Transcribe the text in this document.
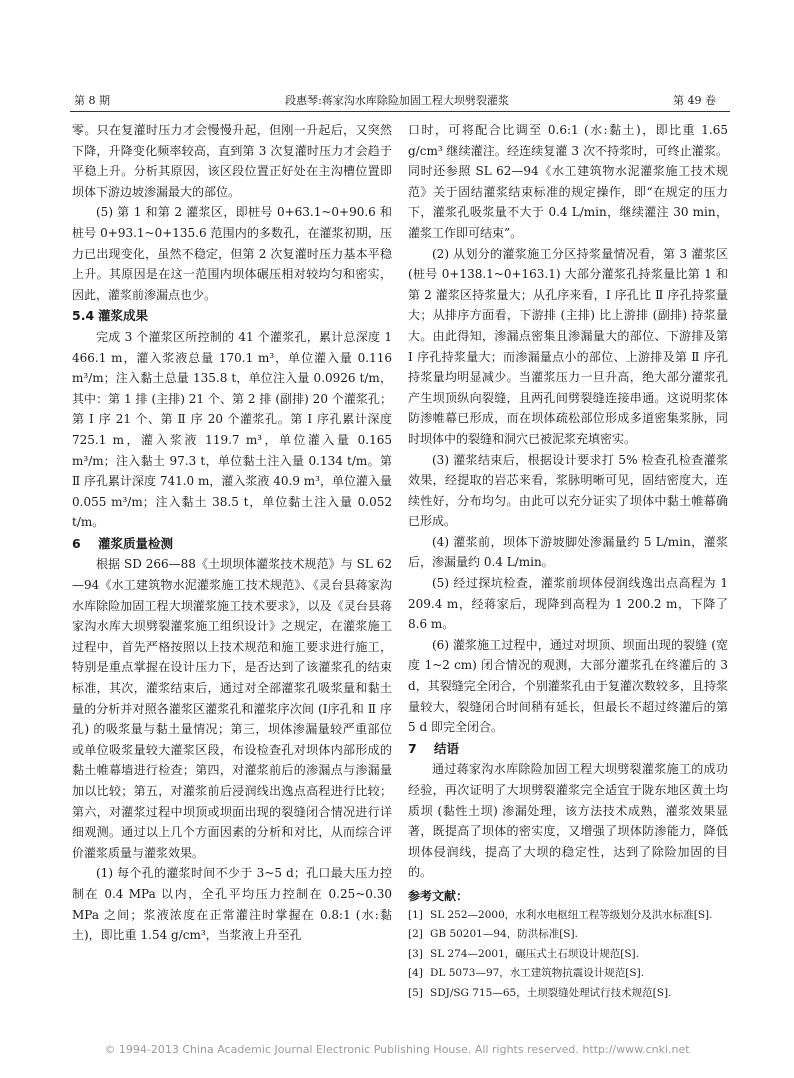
第 8 期	段惠琴:蒋家沟水库除险加固工程大坝劈裂灌浆	第 49 卷

零。只在复灌时压力才会慢慢升起，但刚一升起后，又突然下降，升降变化频率较高，直到第 3 次复灌时压力才会趋于平稳上升。分析其原因，该区段位置正好处在主沟槽位置即坝体下游边坡渗漏最大的部位。

(5) 第 1 和第 2 灌浆区，即桩号 0+63.1~0+90.6 和桩号 0+93.1~0+135.6 范围内的多数孔，在灌浆初期，压力已出现变化，虽然不稳定，但第 2 次复灌时压力基本平稳上升。其原因是在这一范围内坝体碾压相对较均匀和密实，因此，灌浆前渗漏点也少。

5.4 灌浆成果

完成 3 个灌浆区所控制的 41 个灌浆孔，累计总深度 1 466.1 m，灌入浆液总量 170.1 m³，单位灌入量 0.116 m³/m；注入黏土总量 135.8 t，单位注入量 0.0926 t/m，其中：第 1 排 (主排) 21 个、第 2 排 (副排) 20 个灌浆孔；第 Ⅰ 序 21 个、第 Ⅱ 序 20 个灌浆孔。第 Ⅰ 序孔累计深度 725.1 m，灌入浆液 119.7 m³，单位灌入量 0.165 m³/m；注入黏土 97.3 t，单位黏土注入量 0.134 t/m。第 Ⅱ 序孔累计深度 741.0 m，灌入浆液 40.9 m³，单位灌入量 0.055 m³/m；注入黏土 38.5 t，单位黏土注入量 0.052 t/m。

6 灌浆质量检测

根据 SD 266—88《土坝坝体灌浆技术规范》与 SL 62—94《水工建筑物水泥灌浆施工技术规范》、《灵台县蒋家沟水库除险加固工程大坝灌浆施工技术要求》，以及《灵台县蒋家沟水库大坝劈裂灌浆施工组织设计》之规定，在灌浆施工过程中，首先严格按照以上技术规范和施工要求进行施工，特别是重点掌握在设计压力下，是否达到了该灌浆孔的结束标准，其次，灌浆结束后，通过对全部灌浆孔吸浆量和黏土量的分析并对照各灌浆区灌浆孔和灌浆序次间 (Ⅰ序孔和 Ⅱ 序孔) 的吸浆量与黏土量情况；第三，坝体渗漏量较严重部位或单位吸浆量较大灌浆区段，布设检查孔对坝体内部形成的黏土帷幕墙进行检查；第四，对灌浆前后的渗漏点与渗漏量加以比较；第五，对灌浆前后浸润线出逸点高程进行比较；第六，对灌浆过程中坝顶或坝面出现的裂缝闭合情况进行详细观测。通过以上几个方面因素的分析和对比，从而综合评价灌浆质量与灌浆效果。

(1) 每个孔的灌浆时间不少于 3~5 d；孔口最大压力控制在 0.4 MPa 以内，全孔平均压力控制在 0.25~0.30 MPa 之间；浆液浓度在正常灌注时掌握在 0.8:1 (水:黏土)，即比重 1.54 g/cm³，当浆液上升至孔

口时，可将配合比调至 0.6:1 (水:黏土)，即比重 1.65 g/cm³ 继续灌注。经连续复灌 3 次不持浆时，可终止灌浆。同时还参照 SL 62—94《水工建筑物水泥灌浆施工技术规范》关于固结灌浆结束标准的规定操作，即“在规定的压力下，灌浆孔吸浆量不大于 0.4 L/min，继续灌注 30 min，灌浆工作即可结束”。

(2) 从划分的灌浆施工分区持浆量情况看，第 3 灌浆区 (桩号 0+138.1~0+163.1) 大部分灌浆孔持浆量比第 1 和第 2 灌浆区持浆量大；从孔序来看，Ⅰ 序孔比 Ⅱ 序孔持浆量大；从排序方面看，下游排 (主排) 比上游排 (副排) 持浆量大。由此得知，渗漏点密集且渗漏量大的部位、下游排及第 Ⅰ 序孔持浆量大；而渗漏量点小的部位、上游排及第 Ⅱ 序孔持浆量均明显减少。当灌浆压力一旦升高，绝大部分灌浆孔产生坝顶纵向裂缝，且两孔间劈裂缝连接串通。这说明浆体防渗帷幕已形成，而在坝体疏松部位形成多道密集浆脉，同时坝体中的裂缝和洞穴已被泥浆充填密实。

(3) 灌浆结束后，根据设计要求打 5% 检查孔检查灌浆效果，经提取的岩芯来看，浆脉明晰可见，固结密度大，连续性好，分布均匀。由此可以充分证实了坝体中黏土帷幕确已形成。

(4) 灌浆前，坝体下游坡脚处渗漏量约 5 L/min，灌浆后，渗漏量约 0.4 L/min。

(5) 经过探坑检查，灌浆前坝体侵润线逸出点高程为 1 209.4 m，经蒋家后，现降到高程为 1 200.2 m，下降了 8.6 m。

(6) 灌浆施工过程中，通过对坝顶、坝面出现的裂缝 (宽度 1~2 cm) 闭合情况的观测，大部分灌浆孔在终灌后的 3 d，其裂缝完全闭合，个别灌浆孔由于复灌次数较多，且持浆量较大，裂缝闭合时间稍有延长，但最长不超过终灌后的第 5 d 即完全闭合。

7 结语

通过蒋家沟水库除险加固工程大坝劈裂灌浆施工的成功经验，再次证明了大坝劈裂灌浆完全适宜于陇东地区黄土均质坝 (黏性土坝) 渗漏处理，该方法技术成熟，灌浆效果显著，既提高了坝体的密实度，又增强了坝体防渗能力，降低坝体侵润线，提高了大坝的稳定性，达到了除险加固的目的。

参考文献：
[1] SL 252—2000，水利水电枢纽工程等级划分及洪水标准[S].
[2] GB 50201—94，防洪标准[S].
[3] SL 274—2001，碾压式土石坝设计规范[S].
[4] DL 5073—97，水工建筑物抗震设计规范[S].
[5] SDJ/SG 715—65，土坝裂缝处理试行技术规范[S].
© 1994-2013 China Academic Journal Electronic Publishing House. All rights reserved. http://www.cnki.net
